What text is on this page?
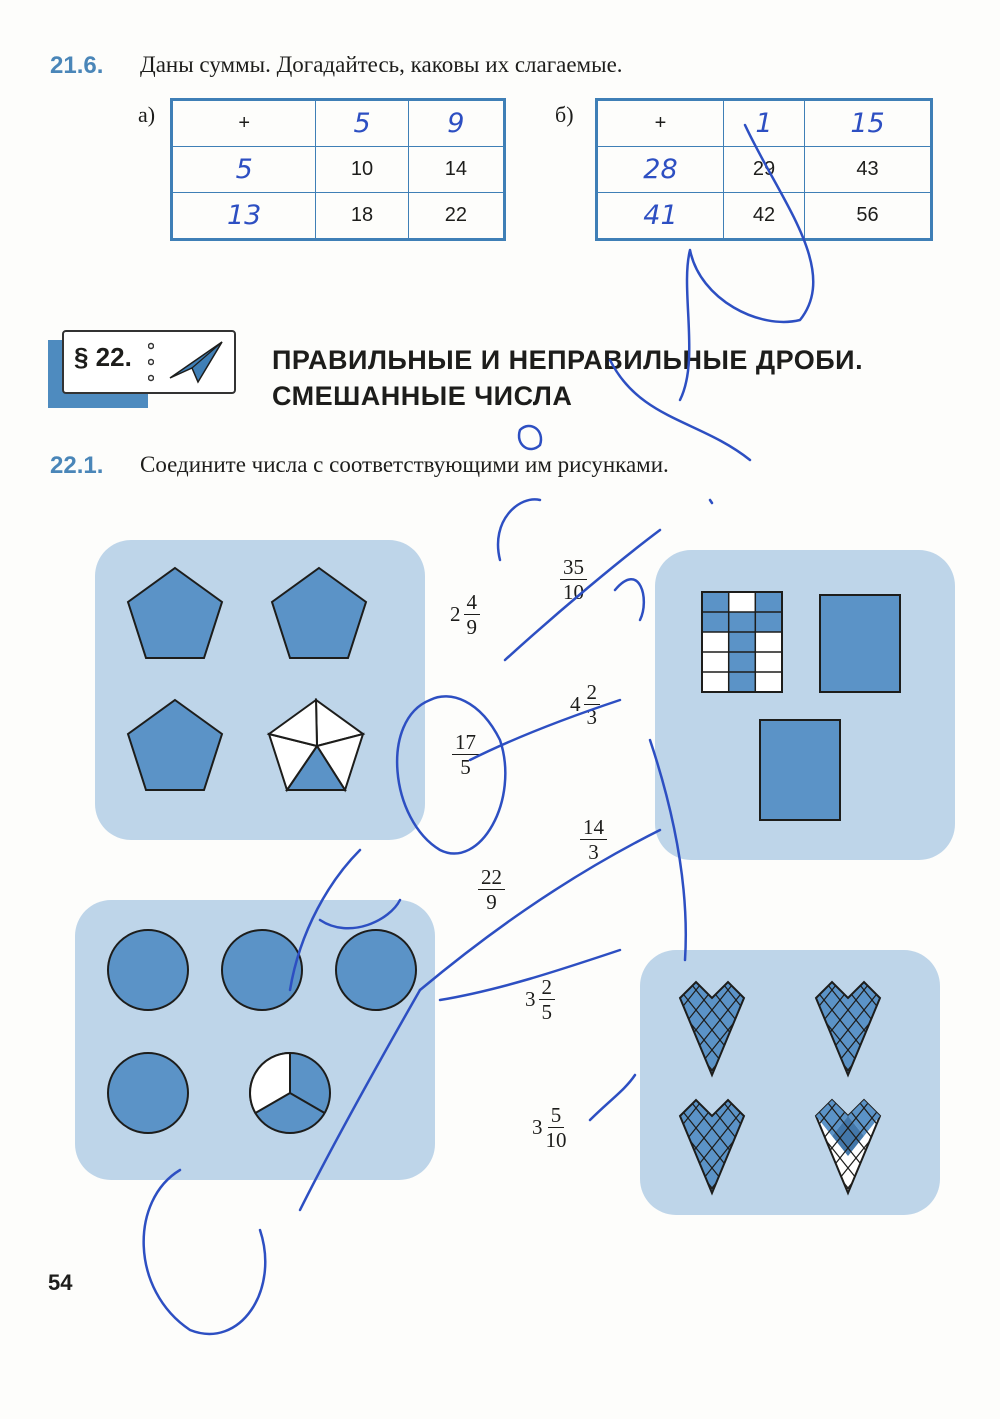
21.6. Даны суммы. Догадайтесь, каковы их слагаемые.
а)	+	5	9
5	10	14
13	18	22
б)	+	1	15
28	29	43
41	42	56
§ 22.	ПРАВИЛЬНЫЕ И НЕПРАВИЛЬНЫЕ ДРОБИ.
СМЕШАННЫЕ ЧИСЛА
22.1. Соедините числа с соответствующими им рисунками.
$2 \frac{4}{9}$
$\frac{35}{10}$
$4 \frac{2}{3}$
$\frac{17}{5}$
$\frac{14}{3}$
$\frac{22}{9}$
$3 \frac{2}{5}$
$3 \frac{5}{10}$
54
